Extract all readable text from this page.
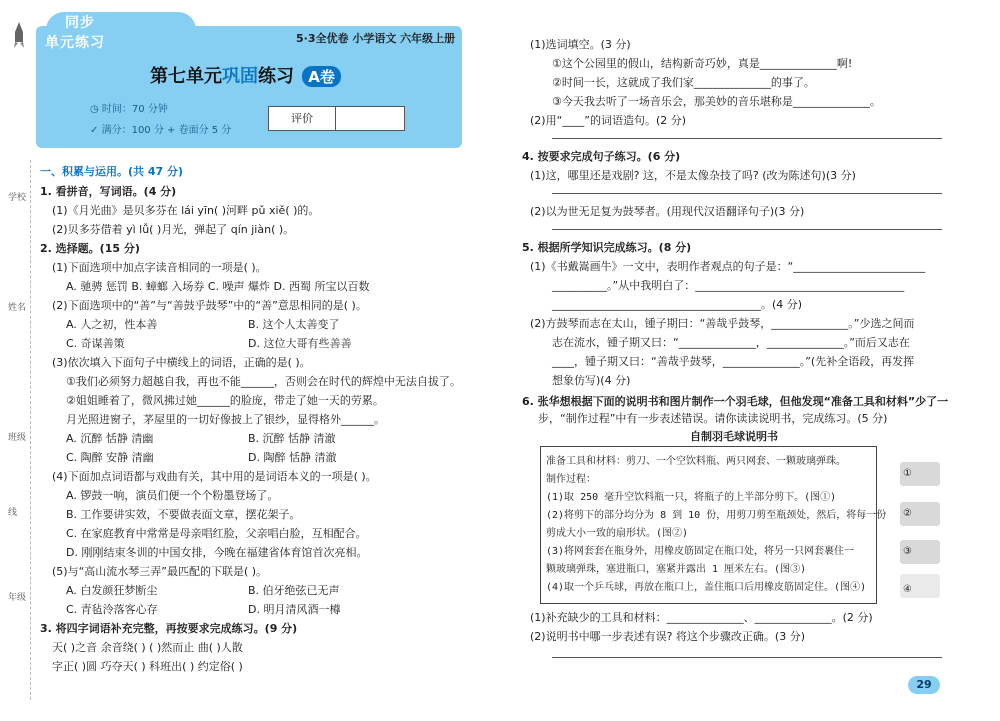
学校
姓名
班级
线
年级
同步
单元练习	5·3全优卷 小学语文 六年级上册
第七单元巩固练习 A卷
◷ 时间：70 分钟
✓ 满分：100 分 + 卷面分 5 分
评价
一、积累与运用。(共 47 分)
1. 看拼音，写词语。(4 分)
(1)《月光曲》是贝多芬在 lái yīn( )河畔 pǔ xiě( )的。
(2)贝多芬借着 yì lǚ( )月光，弹起了 qín jiàn( )。
2. 选择题。(15 分)
(1)下面选项中加点字读音相同的一项是( )。
A. 驰骋 惩罚 B. 蟑螂 入场券 C. 噪声 爆炸 D. 西蜀 所宝以百数
(2)下面选项中的“善”与“善鼓乎鼓琴”中的“善”意思相同的是( )。
A. 人之初，性本善	B. 这个人太善变了
C. 奇谋善策	D. 这位大哥有些善善
(3)依次填入下面句子中横线上的词语，正确的是( )。
①我们必须努力超越自我，再也不能______，否则会在时代的辉煌中无法自拔了。
②姐姐睡着了，微风拂过她______的脸庞，带走了她一天的劳累。
月光照进窗子，茅屋里的一切好像披上了银纱，显得格外______。
A. 沉醉 恬静 清幽	B. 沉醉 恬静 清澈
C. 陶醉 安静 清幽	D. 陶醉 恬静 清澈
(4)下面加点词语都与戏曲有关，其中用的是词语本义的一项是( )。
A. 锣鼓一响，演员们便一个个粉墨登场了。
B. 工作要讲实效，不要做表面文章，摆花架子。
C. 在家庭教育中常常是母亲唱红脸，父亲唱白脸，互相配合。
D. 刚刚结束冬训的中国女排，今晚在福建省体育馆首次亮相。
(5)与“高山流水琴三弄”最匹配的下联是( )。
A. 白发颜狂梦断尘	B. 伯牙绝弦已无声
C. 青毡泠落客心存	D. 明月清风酒一樽
3. 将四字词语补充完整，再按要求完成练习。(9 分)
天( )之音 余音绕( ) ( )然而止 曲( )人散
字正( )圆 巧夺天( ) 科班出( ) 约定俗( )
(1)选词填空。(3 分)
①这个公园里的假山，结构新奇巧妙，真是______________啊!
②时间一长，这就成了我们家______________的事了。
③今天我去听了一场音乐会，那美妙的音乐堪称是______________。
(2)用“____”的词语造句。(2 分)
4. 按要求完成句子练习。(6 分)
(1)这，哪里还是戏剧? 这，不是太像杂技了吗? (改为陈述句)(3 分)
(2)以为世无足复为鼓琴者。(用现代汉语翻译句子)(3 分)
5. 根据所学知识完成练习。(8 分)
(1)《书戴嵩画牛》一文中，表明作者观点的句子是：“________________________
__________。”从中我明白了：______________________________________
______________________________________。(4 分)
(2)方鼓琴而志在太山，锺子期曰：“善哉乎鼓琴，______________。”少选之间而
志在流水，锺子期又曰：“______________，______________。”而后又志在
____，锺子期又曰：“善哉乎鼓琴，______________。”(先补全语段，再发挥
想象仿写)(4 分)
6. 张华想根据下面的说明书和图片制作一个羽毛球，但他发现“准备工具和材料”少了一
步，“制作过程”中有一步表述错误。请你读读说明书，完成练习。(5 分)
自制羽毛球说明书
准备工具和材料：剪刀、一个空饮料瓶、两只网套、一颗玻璃弹珠。
制作过程：
(1)取 250 毫升空饮料瓶一只，将瓶子的上半部分剪下。(图①)
(2)将剪下的部分均分为 8 到 10 份，用剪刀剪至瓶颈处，然后，将每一份
剪成大小一致的扇形状。(图②)
(3)将网套套在瓶身外，用橡皮筋固定在瓶口处，将另一只网套裹住一
颗玻璃弹珠，塞进瓶口，塞紧并露出 1 厘米左右。(图③)
(4)取一个乒乓球，再放在瓶口上，盖住瓶口后用橡皮筋固定住。(图④)
①
②
③
④
(1)补充缺少的工具和材料：______________、______________。(2 分)
(2)说明书中哪一步表述有误? 将这个步骤改正确。(3 分)
29
